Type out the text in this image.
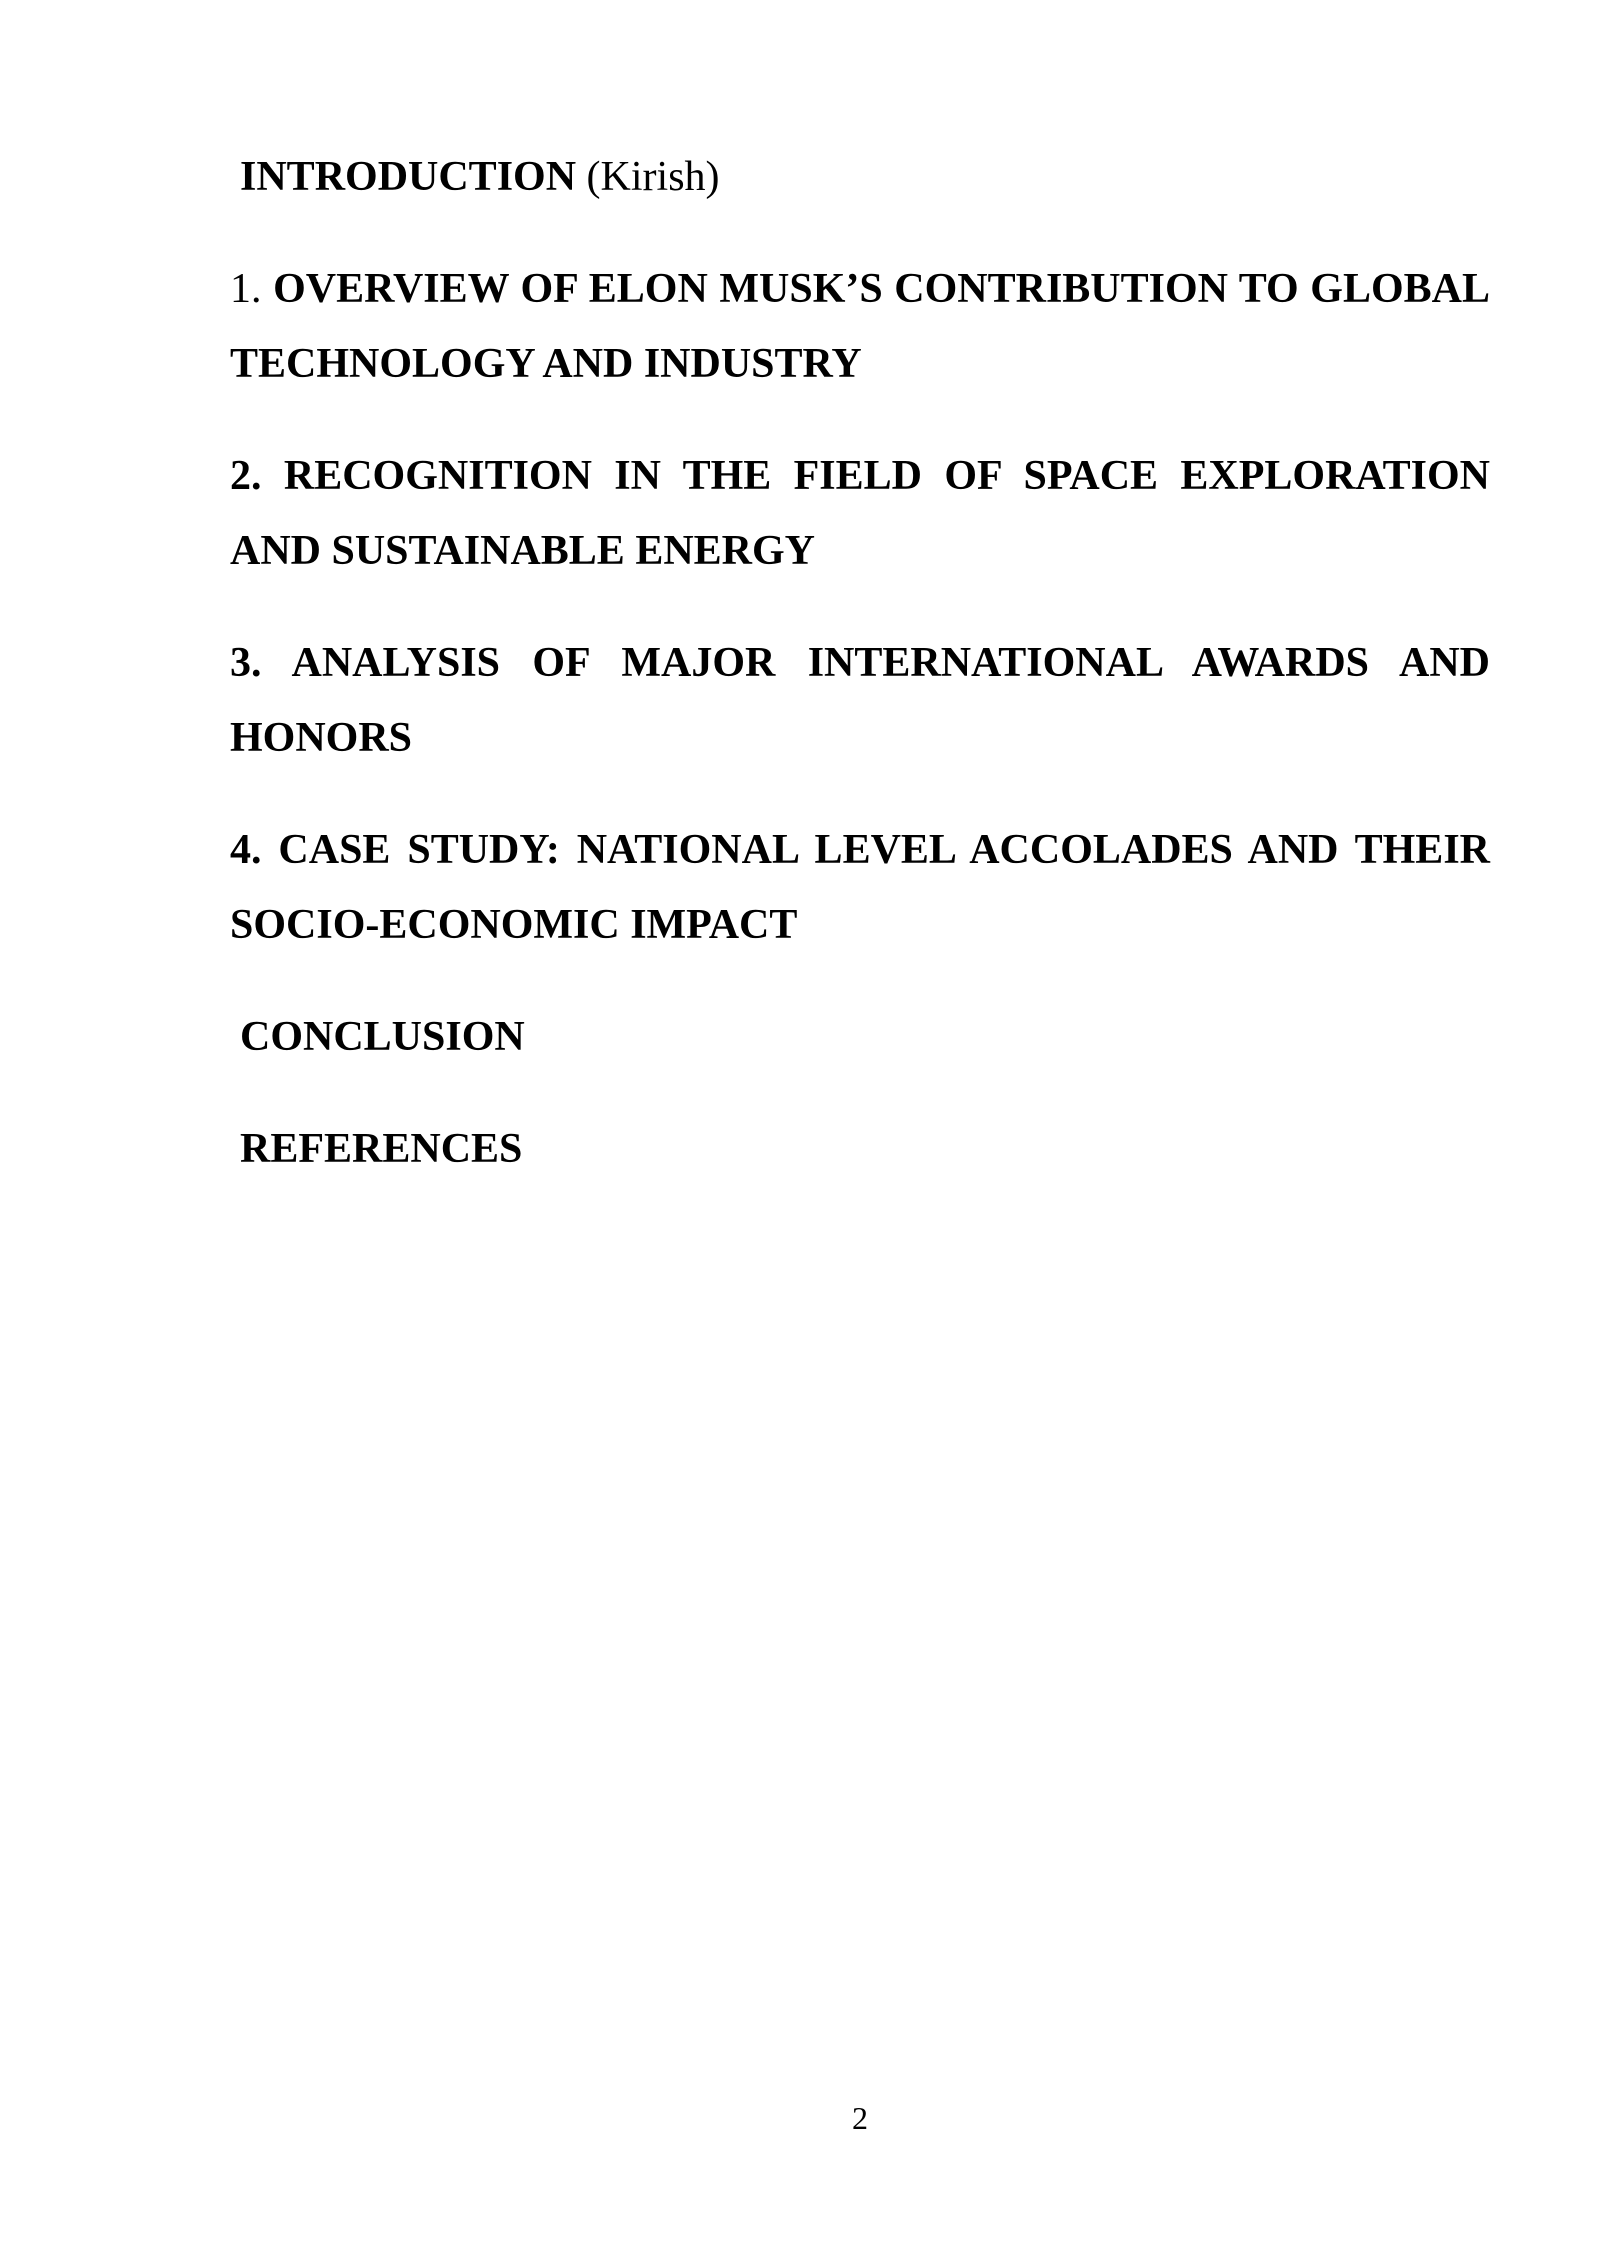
INTRODUCTION (Kirish)

1. OVERVIEW OF ELON MUSK’S CONTRIBUTION TO GLOBAL TECHNOLOGY AND INDUSTRY

2. RECOGNITION IN THE FIELD OF SPACE EXPLORATION AND SUSTAINABLE ENERGY

3. ANALYSIS OF MAJOR INTERNATIONAL AWARDS AND HONORS

4. CASE STUDY: NATIONAL LEVEL ACCOLADES AND THEIR SOCIO-ECONOMIC IMPACT

CONCLUSION

REFERENCES

2
